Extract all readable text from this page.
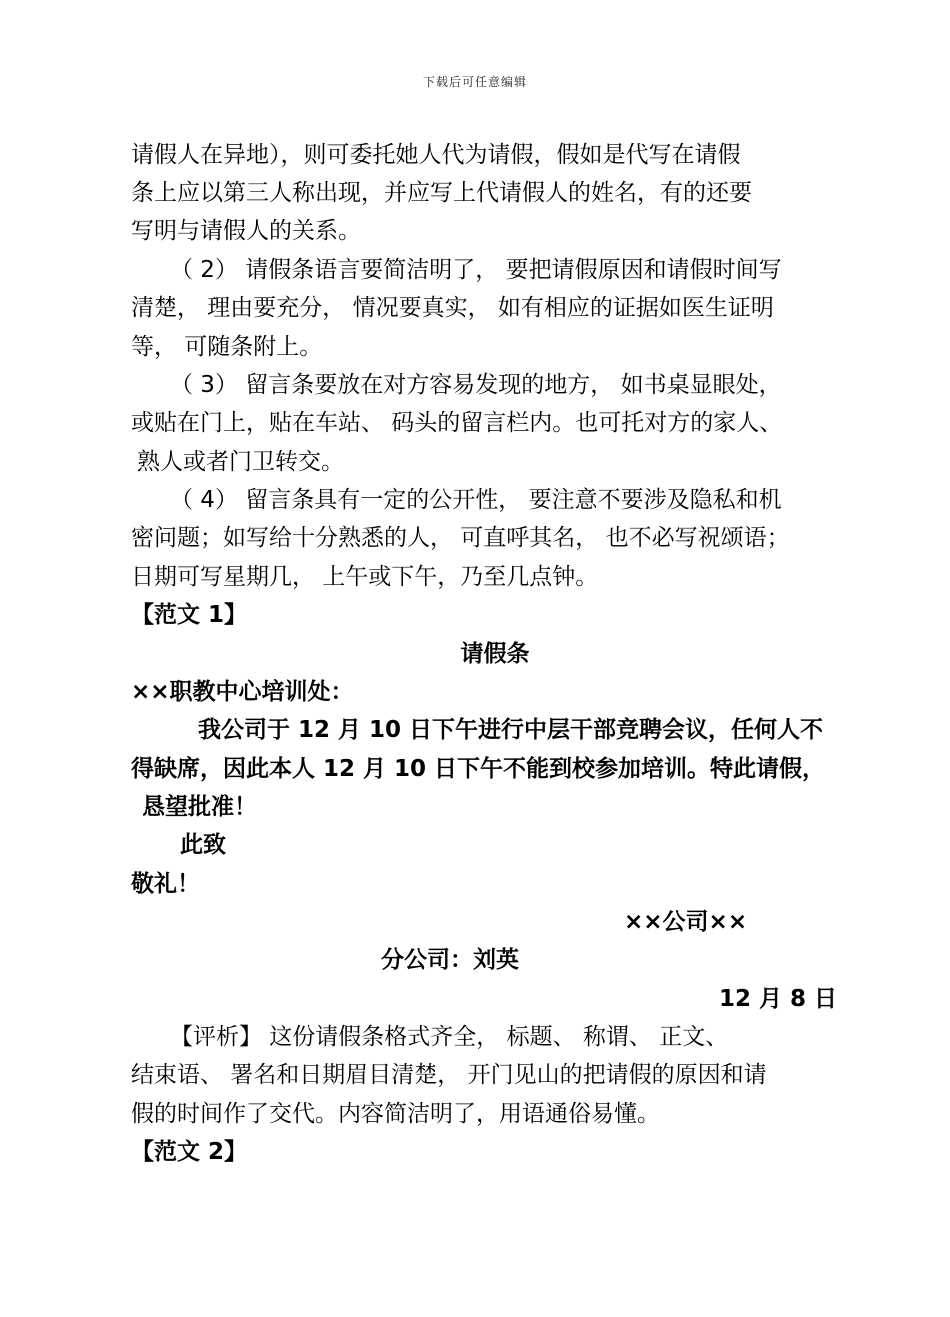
下载后可任意编辑
请假人在异地），则可委托她人代为请假，假如是代写在请假
条上应以第三人称出现，并应写上代请假人的姓名，有的还要
写明与请假人的关系。
（ 2） 请假条语言要简洁明了， 要把请假原因和请假时间写
清楚， 理由要充分， 情况要真实， 如有相应的证据如医生证明
等， 可随条附上。
（ 3） 留言条要放在对方容易发现的地方， 如书桌显眼处，
或贴在门上，贴在车站、 码头的留言栏内。也可托对方的家人、
熟人或者门卫转交。
（ 4） 留言条具有一定的公开性， 要注意不要涉及隐私和机
密问题；如写给十分熟悉的人， 可直呼其名， 也不必写祝颂语；
日期可写星期几， 上午或下午，乃至几点钟。
【范文 1】
请假条
××职教中心培训处：
我公司于 12 月 10 日下午进行中层干部竞聘会议，任何人不
得缺席，因此本人 12 月 10 日下午不能到校参加培训。特此请假，
恳望批准！
此致
敬礼！
××公司××
分公司：刘英
12 月 8 日
【评析】 这份请假条格式齐全， 标题、 称谓、 正文、
结束语、 署名和日期眉目清楚， 开门见山的把请假的原因和请
假的时间作了交代。内容简洁明了，用语通俗易懂。
【范文 2】
